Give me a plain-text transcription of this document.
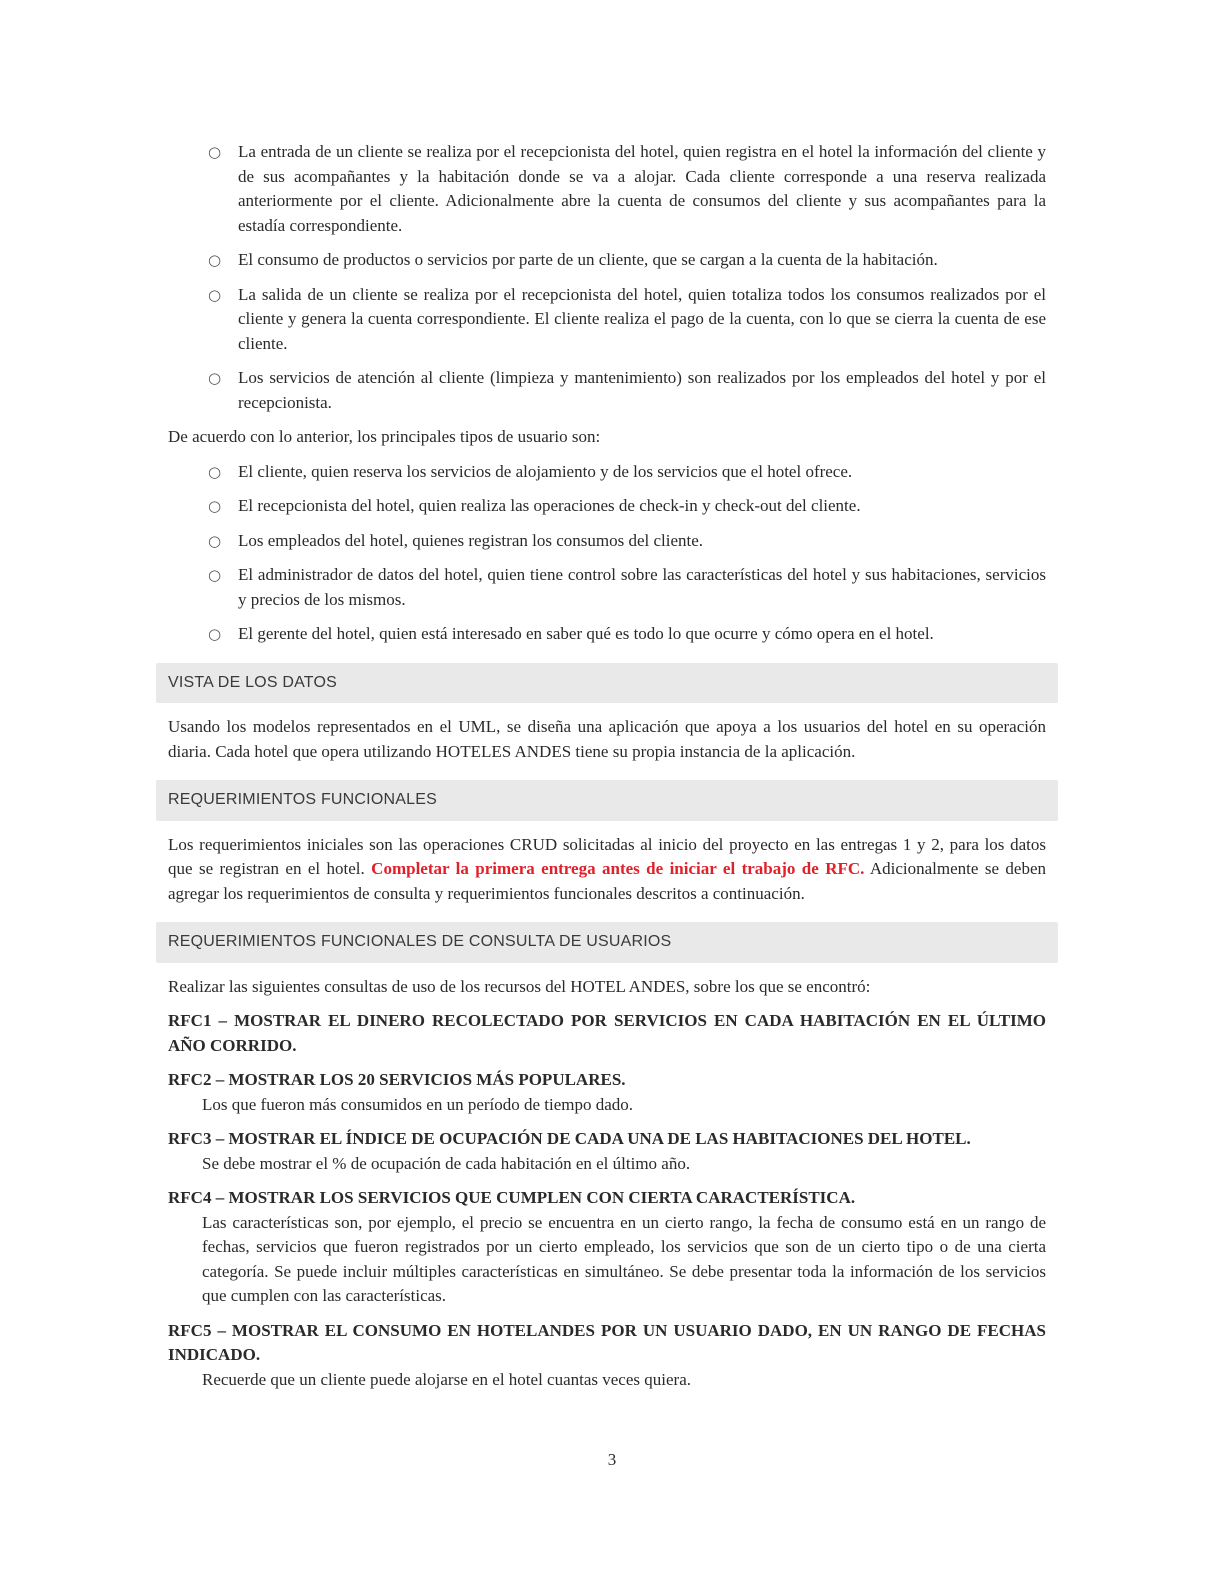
○ La entrada de un cliente se realiza por el recepcionista del hotel, quien registra en el hotel la información del cliente y de sus acompañantes y la habitación donde se va a alojar. Cada cliente corresponde a una reserva realizada anteriormente por el cliente. Adicionalmente abre la cuenta de consumos del cliente y sus acompañantes para la estadía correspondiente.
○ El consumo de productos o servicios por parte de un cliente, que se cargan a la cuenta de la habitación.
○ La salida de un cliente se realiza por el recepcionista del hotel, quien totaliza todos los consumos realizados por el cliente y genera la cuenta correspondiente. El cliente realiza el pago de la cuenta, con lo que se cierra la cuenta de ese cliente.
○ Los servicios de atención al cliente (limpieza y mantenimiento) son realizados por los empleados del hotel y por el recepcionista.

De acuerdo con lo anterior, los principales tipos de usuario son:

○ El cliente, quien reserva los servicios de alojamiento y de los servicios que el hotel ofrece.
○ El recepcionista del hotel, quien realiza las operaciones de check-in y check-out del cliente.
○ Los empleados del hotel, quienes registran los consumos del cliente.
○ El administrador de datos del hotel, quien tiene control sobre las características del hotel y sus habitaciones, servicios y precios de los mismos.
○ El gerente del hotel, quien está interesado en saber qué es todo lo que ocurre y cómo opera en el hotel.
VISTA DE LOS DATOS

Usando los modelos representados en el UML, se diseña una aplicación que apoya a los usuarios del hotel en su operación diaria. Cada hotel que opera utilizando HOTELES ANDES tiene su propia instancia de la aplicación.

REQUERIMIENTOS FUNCIONALES

Los requerimientos iniciales son las operaciones CRUD solicitadas al inicio del proyecto en las entregas 1 y 2, para los datos que se registran en el hotel. Completar la primera entrega antes de iniciar el trabajo de RFC. Adicionalmente se deben agregar los requerimientos de consulta y requerimientos funcionales descritos a continuación.

REQUERIMIENTOS FUNCIONALES DE CONSULTA DE USUARIOS

Realizar las siguientes consultas de uso de los recursos del HOTEL ANDES, sobre los que se encontró:

RFC1 – MOSTRAR EL DINERO RECOLECTADO POR SERVICIOS EN CADA HABITACIÓN EN EL ÚLTIMO AÑO CORRIDO.
RFC2 – MOSTRAR LOS 20 SERVICIOS MÁS POPULARES.
Los que fueron más consumidos en un período de tiempo dado.
RFC3 – MOSTRAR EL ÍNDICE DE OCUPACIÓN DE CADA UNA DE LAS HABITACIONES DEL HOTEL.
Se debe mostrar el % de ocupación de cada habitación en el último año.
RFC4 – MOSTRAR LOS SERVICIOS QUE CUMPLEN CON CIERTA CARACTERÍSTICA.
Las características son, por ejemplo, el precio se encuentra en un cierto rango, la fecha de consumo está en un rango de fechas, servicios que fueron registrados por un cierto empleado, los servicios que son de un cierto tipo o de una cierta categoría. Se puede incluir múltiples características en simultáneo. Se debe presentar toda la información de los servicios que cumplen con las características.
RFC5 – MOSTRAR EL CONSUMO EN HOTELANDES POR UN USUARIO DADO, EN UN RANGO DE FECHAS INDICADO.
Recuerde que un cliente puede alojarse en el hotel cuantas veces quiera.
3
